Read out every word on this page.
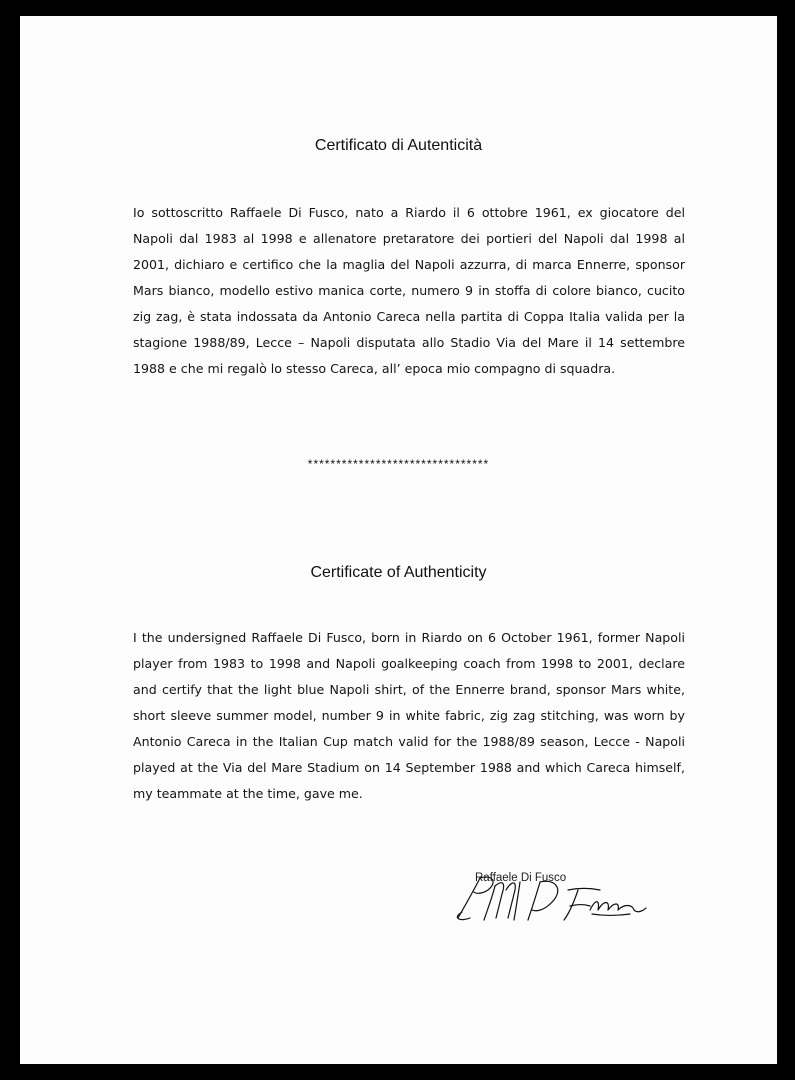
Certificato di Autenticità
Io sottoscritto Raffaele Di Fusco, nato a Riardo il 6 ottobre 1961, ex giocatore del Napoli dal 1983 al 1998 e allenatore pretaratore dei portieri del Napoli dal 1998 al 2001, dichiaro e certifico che la maglia del Napoli azzurra, di marca Ennerre, sponsor Mars bianco, modello estivo manica corte, numero 9 in stoffa di colore bianco, cucito zig zag, è stata indossata da Antonio Careca nella partita di Coppa Italia valida per la stagione 1988/89, Lecce – Napoli disputata allo Stadio Via del Mare il 14 settembre 1988 e che mi regalò lo stesso Careca, all’ epoca mio compagno di squadra.
********************************
Certificate of Authenticity
I the undersigned Raffaele Di Fusco, born in Riardo on 6 October 1961, former Napoli player from 1983 to 1998 and Napoli goalkeeping coach from 1998 to 2001, declare and certify that the light blue Napoli shirt, of the Ennerre brand, sponsor Mars white, short sleeve summer model, number 9 in white fabric, zig zag stitching, was worn by Antonio Careca in the Italian Cup match valid for the 1988/89 season, Lecce - Napoli played at the Via del Mare Stadium on 14 September 1988 and which Careca himself, my teammate at the time, gave me.
Raffaele Di Fusco
